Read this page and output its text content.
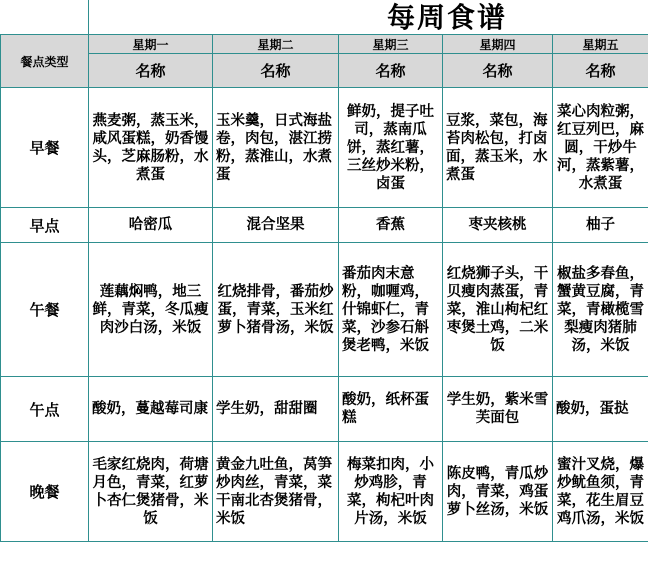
每周食谱
餐点类型	星期一	星期二	星期三	星期四	星期五
	名称	名称	名称	名称	名称
早餐	燕麦粥，蒸玉米，咸风蛋糕，奶香馒头，芝麻肠粉，水煮蛋	玉米羹，日式海盐卷，肉包，湛江捞粉，蒸淮山，水煮蛋	鲜奶，提子吐司，蒸南瓜饼，蒸红薯，三丝炒米粉，卤蛋	豆浆，菜包，海苔肉松包，打卤面，蒸玉米，水煮蛋	菜心肉粒粥，红豆列巴，麻圆，干炒牛河，蒸紫薯，水煮蛋
早点	哈密瓜	混合坚果	香蕉	枣夹核桃	柚子
午餐	莲藕焖鸭，地三鲜，青菜，冬瓜瘦肉沙白汤，米饭	红烧排骨，番茄炒蛋，青菜，玉米红萝卜猪骨汤，米饭	番茄肉末意粉，咖喱鸡，什锦虾仁，青菜，沙参石斛煲老鸭，米饭	红烧狮子头，干贝瘦肉蒸蛋，青菜，淮山枸杞红枣煲土鸡，二米饭	椒盐多春鱼，蟹黄豆腐，青菜，青橄榄雪梨瘦肉猪肺汤，米饭
午点	酸奶，蔓越莓司康	学生奶，甜甜圈	酸奶，纸杯蛋糕	学生奶，紫米雪芙面包	酸奶，蛋挞
晚餐	毛家红烧肉，荷塘月色，青菜，红萝卜杏仁煲猪骨，米饭	黄金九吐鱼，莴笋炒肉丝，青菜，菜干南北杏煲猪骨，米饭	梅菜扣肉，小炒鸡胗，青菜，枸杞叶肉片汤，米饭	陈皮鸭，青瓜炒肉，青菜，鸡蛋萝卜丝汤，米饭	蜜汁叉烧，爆炒鱿鱼须，青菜，花生眉豆鸡爪汤，米饭
